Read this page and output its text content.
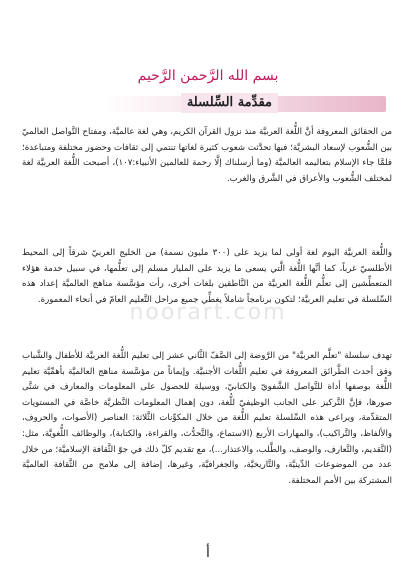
بسم الله الرَّحمن الرَّحيم
مقدِّمة السِّلسلة
من الحقائق المعروفة أنَّ اللُّغة العربيَّة منذ نزول القرآن الكريم، وهي لغة عالميَّة، ومفتاح التَّواصل العالميّ بين الشُّعوب لإسعاد البشريَّة؛ فبها تحدَّثت شعوب كثيرة لغاتها تنتمي إلى ثقافات وحضور مختلفة ومتباعدة؛ فلمَّا جاء الإسلام بتعاليمه العالميَّة (وما أرسلناك إلَّا رحمة للعالمين الأنبياء:١٠٧)، أصبحت اللُّغة العربيَّة لغة لمختلف الشُّعوب والأعراق في الشَّرق والغرب.
واللُّغة العربيَّة اليوم لغة أولى لما يزيد على (٣٠٠ مليون نسمة) من الخليج العربيّ شرقاً إلى المحيط الأطلسيّ غرباً، كما أنَّها اللُّغة الَّتي يسعى ما يزيد على المليار مسلم إلى تعلُّمها، في سبيل خدمة هؤلاء المتعطِّشين إلى تعلُّم اللُّغة العربيَّة من النَّاطقين بلغات أخرى، رأت مؤسَّسة مناهج العالميَّة إعداد هذه السِّلسلة في تعليم العربيَّة؛ لتكون برنامجاً شاملاً يغطِّي جميع مراحل التَّعليم العامّ في أنحاء المعمورة.
noorart.com
تهدف سلسلة "تعلَّم العربيَّة" من الرَّوضة إلى الصَّفّ الثَّاني عشر إلى تعليم اللُّغة العربيَّة للأطفال والشَّباب وفق أحدث الطَّرائق المعروفة في تعليم اللُّغات الأجنبيَّة. وإيماناً من مؤسَّسة مناهج العالميَّة بأهمِّيَّة تعليم اللُّغة بوصفها أداة للتَّواصل الشَّفويّ والكتابيّ، ووسيلة للحصول على المعلومات والمعارف في شتَّى صورها، فإنَّ التَّركيز على الجانب الوظيفيّ للُّغة، دون إهمال المعلومات النَّظريَّة خاصَّة في المستويات المتقدِّمة، ويراعى هذه السِّلسلة تعليم اللُّغة من خلال المكوِّنات الثَّلاثة: العناصر (الأصوات، والحروف، والألفاظ، والتَّراكيب)، والمهارات الأربع (الاستماع، والتَّحدُّث، والقراءة، والكتابة)، والوظائف اللُّغويَّة، مثل: (التَّقديم، والتَّعارف، والوصف، والطَّلب، والاعتذار...)، مع تقديم كلّ ذلك في جوّ الثَّقافة الإسلاميَّة؛ من خلال عدد من الموضوعات الدِّينيَّة، والتَّاريخيَّة، والجغرافيَّة، وغيرها، إضافة إلى ملامح من الثَّقافة العالميَّة المشتركة بين الأمم المختلفة.
أ
